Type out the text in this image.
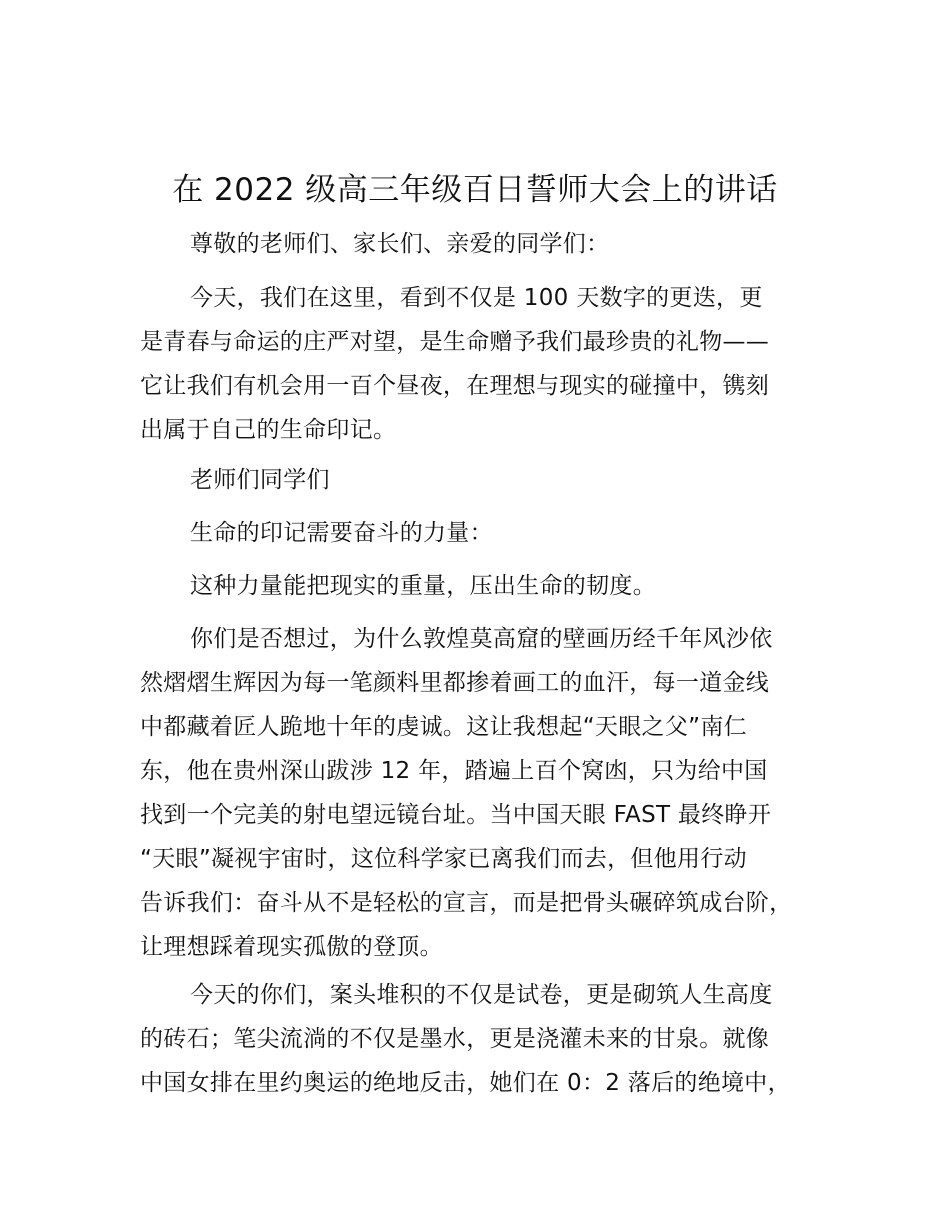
在 2022 级高三年级百日誓师大会上的讲话
尊敬的老师们、家长们、亲爱的同学们：
今天，我们在这里，看到不仅是 100 天数字的更迭，更
是青春与命运的庄严对望，是生命赠予我们最珍贵的礼物——
它让我们有机会用一百个昼夜，在理想与现实的碰撞中，镌刻
出属于自己的生命印记。
老师们同学们
生命的印记需要奋斗的力量：
这种力量能把现实的重量，压出生命的韧度。
你们是否想过，为什么敦煌莫高窟的壁画历经千年风沙依
然熠熠生辉因为每一笔颜料里都掺着画工的血汗，每一道金线
中都藏着匠人跪地十年的虔诚。这让我想起“天眼之父”南仁
东，他在贵州深山跋涉 12 年，踏遍上百个窝凼，只为给中国
找到一个完美的射电望远镜台址。当中国天眼 FAST 最终睁开
“天眼”凝视宇宙时，这位科学家已离我们而去，但他用行动
告诉我们：奋斗从不是轻松的宣言，而是把骨头碾碎筑成台阶，
让理想踩着现实孤傲的登顶。
今天的你们，案头堆积的不仅是试卷，更是砌筑人生高度
的砖石；笔尖流淌的不仅是墨水，更是浇灌未来的甘泉。就像
中国女排在里约奥运的绝地反击，她们在 0：2 落后的绝境中，
